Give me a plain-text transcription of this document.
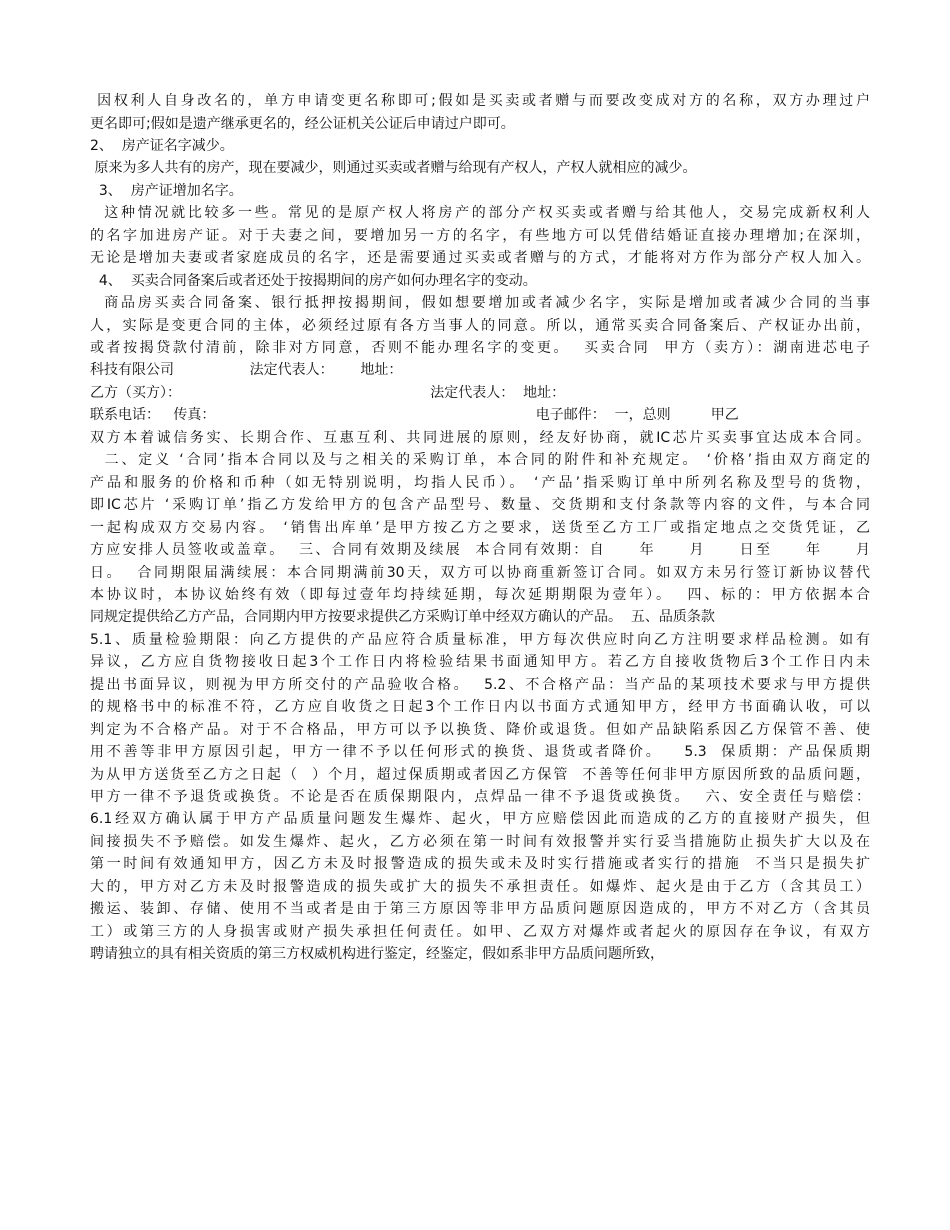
因权利人自身改名的，单方申请变更名称即可;假如是买卖或者赠与而要改变成对方的名称，双方办理过户
更名即可;假如是遗产继承更名的，经公证机关公证后申请过户即可。
2、  房产证名字减少。
原来为多人共有的房产，现在要减少，则通过买卖或者赠与给现有产权人，产权人就相应的减少。
3、  房产证增加名字。
这种情况就比较多一些。常见的是原产权人将房产的部分产权买卖或者赠与给其他人，交易完成新权利人
的名字加进房产证。对于夫妻之间，要增加另一方的名字，有些地方可以凭借结婚证直接办理增加;在深圳，
无论是增加夫妻或者家庭成员的名字，还是需要通过买卖或者赠与的方式，才能将对方作为部分产权人加入。
4、  买卖合同备案后或者还处于按揭期间的房产如何办理名字的变动。
商品房买卖合同备案、银行抵押按揭期间，假如想要增加或者减少名字，实际是增加或者减少合同的当事
人，实际是变更合同的主体，必须经过原有各方当事人的同意。所以，通常买卖合同备案后、产权证办出前，
或者按揭贷款付清前，除非对方同意，否则不能办理名字的变更。  买卖合同  甲方（卖方）：湖南进芯电子
科技有限公司                 法定代表人：      地址：
乙方（买方）：                                                        法定代表人：  地址：
联系电话：   传真：                                                                        电子邮件：  一，总则         甲乙
双方本着诚信务实、长期合作、互惠互利、共同进展的原则，经友好协商，就IC芯片买卖事宜达成本合同。
二、定义 ‘合同’指本合同以及与之相关的采购订单，本合同的附件和补充规定。 ‘价格’指由双方商定的
产品和服务的价格和币种（如无特别说明，均指人民币）。 ‘产品’指采购订单中所列名称及型号的货物，
即IC芯片 ‘采购订单’指乙方发给甲方的包含产品型号、数量、交货期和支付条款等内容的文件，与本合同
一起构成双方交易内容。 ‘销售出库单’是甲方按乙方之要求，送货至乙方工厂或指定地点之交货凭证，乙
方应安排人员签收或盖章。  三、合同有效期及续展  本合同有效期：自     年     月     日至     年     月
日。  合同期限届满续展：本合同期满前30天，双方可以协商重新签订合同。如双方未另行签订新协议替代
本协议时，本协议始终有效（即每过壹年均持续延期，每次延期期限为壹年）。  四、标的：甲方依据本合
同规定提供给乙方产品，合同期内甲方按要求提供乙方采购订单中经双方确认的产品。  五、品质条款
5.1、质量检验期限：向乙方提供的产品应符合质量标准，甲方每次供应时向乙方注明要求样品检测。如有
异议，乙方应自货物接收日起3个工作日内将检验结果书面通知甲方。若乙方自接收货物后3个工作日内未
提出书面异议，则视为甲方所交付的产品验收合格。  5.2、不合格产品：当产品的某项技术要求与甲方提供
的规格书中的标准不符，乙方应自收货之日起3个工作日内以书面方式通知甲方，经甲方书面确认收，可以
判定为不合格产品。对于不合格品，甲方可以予以换货、降价或退货。但如产品缺陷系因乙方保管不善、使
用不善等非甲方原因引起，甲方一律不予以任何形式的换货、退货或者降价。   5.3  保质期：产品保质期
为从甲方送货至乙方之日起（  ）个月，超过保质期或者因乙方保管  不善等任何非甲方原因所致的品质问题，
甲方一律不予退货或换货。不论是否在质保期限内，点焊品一律不予退货或换货。  六、安全责任与赔偿：
6.1经双方确认属于甲方产品质量问题发生爆炸、起火，甲方应赔偿因此而造成的乙方的直接财产损失，但
间接损失不予赔偿。如发生爆炸、起火，乙方必须在第一时间有效报警并实行妥当措施防止损失扩大以及在
第一时间有效通知甲方，因乙方未及时报警造成的损失或未及时实行措施或者实行的措施  不当只是损失扩
大的，甲方对乙方未及时报警造成的损失或扩大的损失不承担责任。如爆炸、起火是由于乙方（含其员工）
搬运、装卸、存储、使用不当或者是由于第三方原因等非甲方品质问题原因造成的，甲方不对乙方（含其员
工）或第三方的人身损害或财产损失承担任何责任。如甲、乙双方对爆炸或者起火的原因存在争议，有双方
聘请独立的具有相关资质的第三方权威机构进行鉴定，经鉴定，假如系非甲方品质问题所致，
